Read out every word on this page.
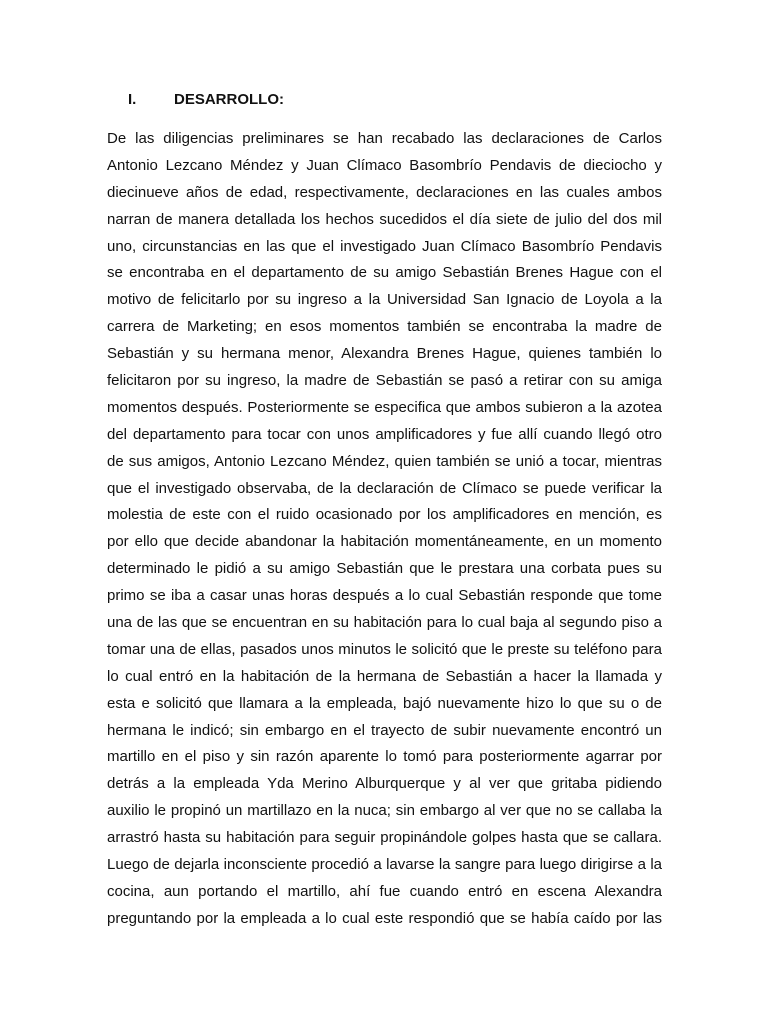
I.	DESARROLLO:
De las diligencias preliminares se han recabado las declaraciones de Carlos
Antonio Lezcano Méndez y Juan Clímaco Basombrío Pendavis de dieciocho y
diecinueve años de edad, respectivamente, declaraciones en las cuales ambos
narran de manera detallada los hechos sucedidos el día siete de julio del dos mil
uno, circunstancias en las que el investigado Juan Clímaco Basombrío Pendavis
se encontraba en el departamento de su amigo Sebastián Brenes Hague con el
motivo de felicitarlo por su ingreso a la Universidad San Ignacio de Loyola a la
carrera de Marketing; en esos momentos también se encontraba la madre de
Sebastián y su hermana menor, Alexandra Brenes Hague, quienes también lo
felicitaron por su ingreso, la madre de Sebastián se pasó a retirar con su amiga
momentos después. Posteriormente se especifica que ambos subieron a la azotea
del departamento para tocar con unos amplificadores y fue allí cuando llegó otro
de sus amigos, Antonio Lezcano Méndez, quien también se unió a tocar, mientras
que el investigado observaba, de la declaración de Clímaco se puede verificar la
molestia de este con el ruido ocasionado por los amplificadores en mención, es
por ello que decide abandonar la habitación momentáneamente, en un momento
determinado le pidió a su amigo Sebastián que le prestara una corbata pues su
primo se iba a casar unas horas después a lo cual Sebastián responde que tome
una de las que se encuentran en su habitación para lo cual baja al segundo piso a
tomar una de ellas, pasados unos minutos le solicitó que le preste su teléfono para
lo cual entró en la habitación de la hermana de Sebastián a hacer la llamada y
esta e solicitó que llamara a la empleada, bajó nuevamente hizo lo que su o de
hermana le indicó; sin embargo en el trayecto de subir nuevamente encontró un
martillo en el piso y sin razón aparente lo tomó para posteriormente agarrar por
detrás a la empleada Yda Merino Alburquerque y al ver que gritaba pidiendo
auxilio le propinó un martillazo en la nuca; sin embargo al ver que no se callaba la
arrastró hasta su habitación para seguir propinándole golpes hasta que se callara.
Luego de dejarla inconsciente procedió a lavarse la sangre para luego dirigirse a la
cocina, aun portando el martillo, ahí fue cuando entró en escena Alexandra
preguntando por la empleada a lo cual este respondió que se había caído por las
